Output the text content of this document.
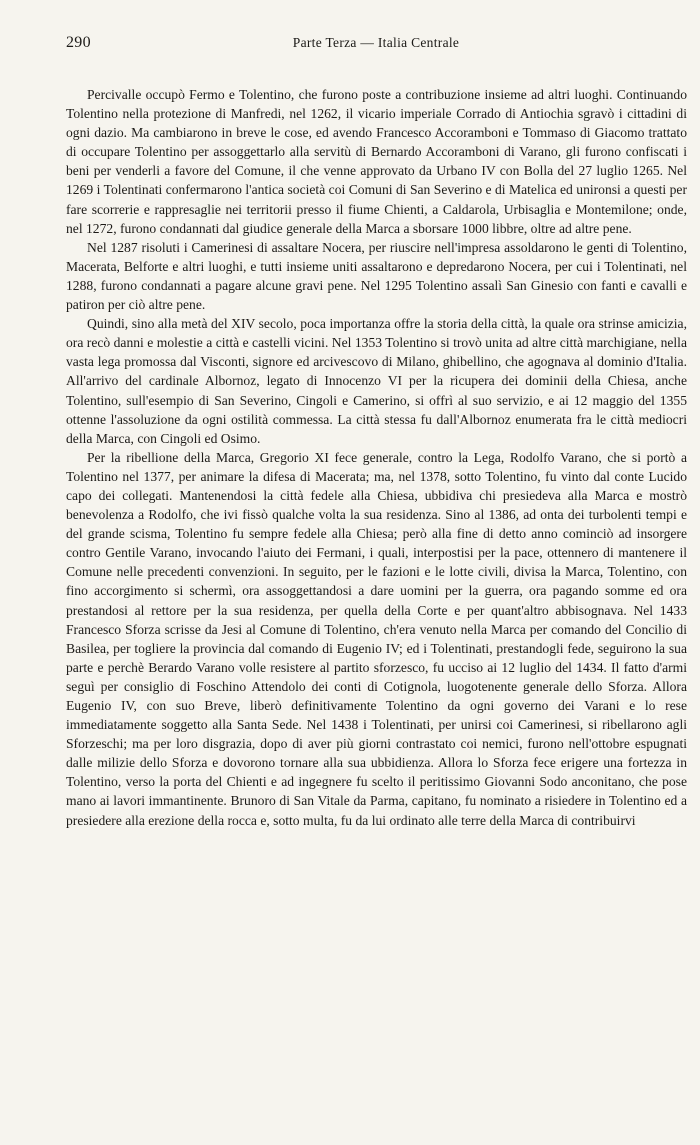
290	Parte Terza — Italia Centrale

Percivalle occupò Fermo e Tolentino, che furono poste a contribuzione insieme ad altri luoghi. Continuando Tolentino nella protezione di Manfredi, nel 1262, il vicario imperiale Corrado di Antiochia sgravò i cittadini di ogni dazio. Ma cambiarono in breve le cose, ed avendo Francesco Accoramboni e Tommaso di Giacomo trattato di occupare Tolentino per assoggettarlo alla servitù di Bernardo Accoramboni di Varano, gli furono confiscati i beni per venderli a favore del Comune, il che venne approvato da Urbano IV con Bolla del 27 luglio 1265. Nel 1269 i Tolentinati confermarono l'antica società coi Comuni di San Severino e di Matelica ed unironsi a questi per fare scorrerie e rappresaglie nei territorii presso il fiume Chienti, a Caldarola, Urbisaglia e Montemilone; onde, nel 1272, furono condannati dal giudice generale della Marca a sborsare 1000 libbre, oltre ad altre pene.

Nel 1287 risoluti i Camerinesi di assaltare Nocera, per riuscire nell'impresa assoldarono le genti di Tolentino, Macerata, Belforte e altri luoghi, e tutti insieme uniti assaltarono e depredarono Nocera, per cui i Tolentinati, nel 1288, furono condannati a pagare alcune gravi pene. Nel 1295 Tolentino assalì San Ginesio con fanti e cavalli e patiron per ciò altre pene.

Quindi, sino alla metà del XIV secolo, poca importanza offre la storia della città, la quale ora strinse amicizia, ora recò danni e molestie a città e castelli vicini. Nel 1353 Tolentino si trovò unita ad altre città marchigiane, nella vasta lega promossa dal Visconti, signore ed arcivescovo di Milano, ghibellino, che agognava al dominio d'Italia. All'arrivo del cardinale Albornoz, legato di Innocenzo VI per la ricupera dei dominii della Chiesa, anche Tolentino, sull'esempio di San Severino, Cingoli e Camerino, si offrì al suo servizio, e ai 12 maggio del 1355 ottenne l'assoluzione da ogni ostilità commessa. La città stessa fu dall'Albornoz enumerata fra le città mediocri della Marca, con Cingoli ed Osimo.

Per la ribellione della Marca, Gregorio XI fece generale, contro la Lega, Rodolfo Varano, che si portò a Tolentino nel 1377, per animare la difesa di Macerata; ma, nel 1378, sotto Tolentino, fu vinto dal conte Lucido capo dei collegati. Mantenendosi la città fedele alla Chiesa, ubbidiva chi presiedeva alla Marca e mostrò benevolenza a Rodolfo, che ivi fissò qualche volta la sua residenza. Sino al 1386, ad onta dei turbolenti tempi e del grande scisma, Tolentino fu sempre fedele alla Chiesa; però alla fine di detto anno cominciò ad insorgere contro Gentile Varano, invocando l'aiuto dei Fermani, i quali, interpostisi per la pace, ottennero di mantenere il Comune nelle precedenti convenzioni. In seguito, per le fazioni e le lotte civili, divisa la Marca, Tolentino, con fino accorgimento si schermì, ora assoggettandosi a dare uomini per la guerra, ora pagando somme ed ora prestandosi al rettore per la sua residenza, per quella della Corte e per quant'altro abbisognava. Nel 1433 Francesco Sforza scrisse da Jesi al Comune di Tolentino, ch'era venuto nella Marca per comando del Concilio di Basilea, per togliere la provincia dal comando di Eugenio IV; ed i Tolentinati, prestandogli fede, seguirono la sua parte e perchè Berardo Varano volle resistere al partito sforzesco, fu ucciso ai 12 luglio del 1434. Il fatto d'armi seguì per consiglio di Foschino Attendolo dei conti di Cotignola, luogotenente generale dello Sforza. Allora Eugenio IV, con suo Breve, liberò definitivamente Tolentino da ogni governo dei Varani e lo rese immediatamente soggetto alla Santa Sede. Nel 1438 i Tolentinati, per unirsi coi Camerinesi, si ribellarono agli Sforzeschi; ma per loro disgrazia, dopo di aver più giorni contrastato coi nemici, furono nell'ottobre espugnati dalle milizie dello Sforza e dovorono tornare alla sua ubbidienza. Allora lo Sforza fece erigere una fortezza in Tolentino, verso la porta del Chienti e ad ingegnere fu scelto il peritissimo Giovanni Sodo anconitano, che pose mano ai lavori immantinente. Brunoro di San Vitale da Parma, capitano, fu nominato a risiedere in Tolentino ed a presiedere alla erezione della rocca e, sotto multa, fu da lui ordinato alle terre della Marca di contribuirvi
